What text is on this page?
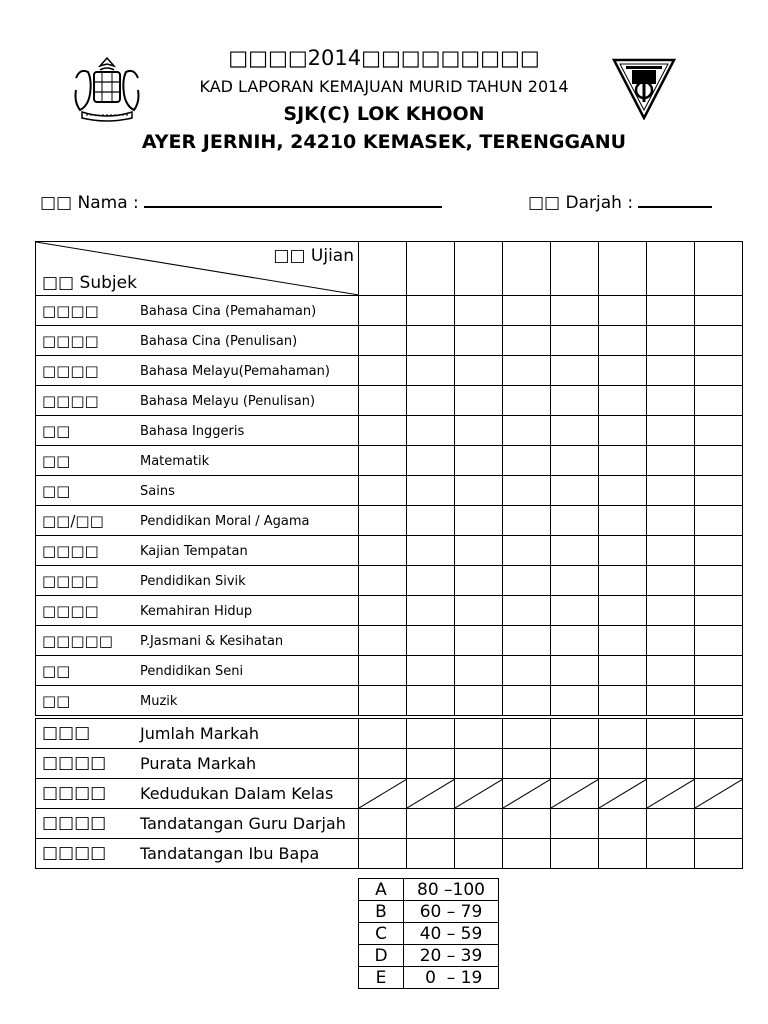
□□□□2014□□□□□□□□□
KAD LAPORAN KEMAJUAN MURID TAHUN 2014
SJK(C) LOK KHOON
AYER JERNIH, 24210 KEMASEK, TERENGGANU
□□ Nama :	□□ Darjah :
□□ Ujian
□□ Subjek								

□□□□ Bahasa Cina (Pemahaman)								

□□□□ Bahasa Cina (Penulisan)								

□□□□ Bahasa Melayu(Pemahaman)								

□□□□ Bahasa Melayu (Penulisan)								

□□ Bahasa Inggeris								

□□ Matematik								

□□ Sains								

□□/□□ Pendidikan Moral / Agama								

□□□□ Kajian Tempatan								

□□□□ Pendidikan Sivik								

□□□□ Kemahiran Hidup								

□□□□□ P.Jasmani & Kesihatan								

□□ Pendidikan Seni								

□□ Muzik								

□□□ Jumlah Markah								

□□□□ Purata Markah								

□□□□ Kedudukan Dalam Kelas

□□□□ Tandatangan Guru Darjah								

□□□□ Tandatangan Ibu Bapa								

A	80 –100
B	60 – 79
C	40 – 59
D	20 – 39
E	0  – 19
